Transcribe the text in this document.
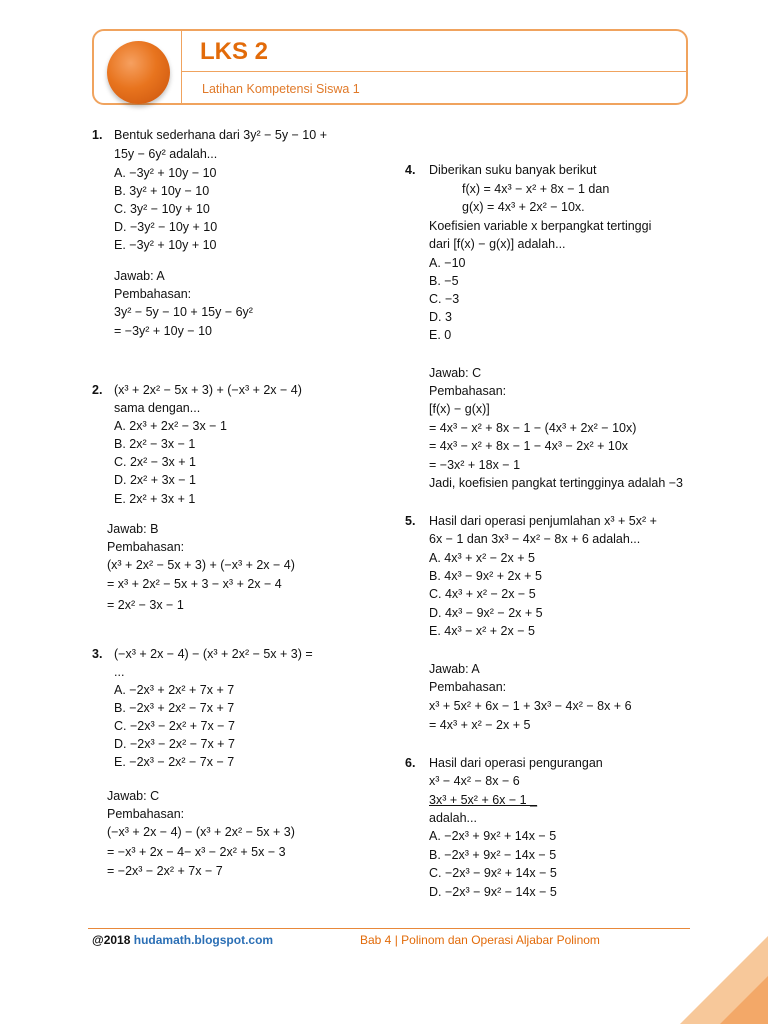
LKS 2
Latihan Kompetensi Siswa 1
1. Bentuk sederhana dari 3y² − 5y − 10 +
15y − 6y² adalah...
A. −3y² + 10y − 10
B. 3y² + 10y − 10
C. 3y² − 10y + 10
D. −3y² − 10y + 10
E. −3y² + 10y + 10
Jawab: A
Pembahasan:
3y² − 5y − 10 + 15y − 6y²
= −3y² + 10y − 10
2. (x³ + 2x² − 5x + 3) + (−x³ + 2x − 4)
sama dengan...
A. 2x³ + 2x² − 3x − 1
B. 2x² − 3x − 1
C. 2x² − 3x + 1
D. 2x² + 3x − 1
E. 2x² + 3x + 1
Jawab: B
Pembahasan:
(x³ + 2x² − 5x + 3) + (−x³ + 2x − 4)
= x³ + 2x² − 5x + 3 − x³ + 2x − 4
= 2x² − 3x − 1
3. (−x³ + 2x − 4) − (x³ + 2x² − 5x + 3) =
...
A. −2x³ + 2x² + 7x + 7
B. −2x³ + 2x² − 7x + 7
C. −2x³ − 2x² + 7x − 7
D. −2x³ − 2x² − 7x + 7
E. −2x³ − 2x² − 7x − 7
Jawab: C
Pembahasan:
(−x³ + 2x − 4) − (x³ + 2x² − 5x + 3)
= −x³ + 2x − 4− x³ − 2x² + 5x − 3
= −2x³ − 2x² + 7x − 7
4. Diberikan suku banyak berikut
f(x) = 4x³ − x² + 8x − 1 dan
g(x) = 4x³ + 2x² − 10x.
Koefisien variable x berpangkat tertinggi
dari [f(x) − g(x)] adalah...
A. −10
B. −5
C. −3
D. 3
E. 0
Jawab: C
Pembahasan:
[f(x) − g(x)]
= 4x³ − x² + 8x − 1 − (4x³ + 2x² − 10x)
= 4x³ − x² + 8x − 1 − 4x³ − 2x² + 10x
= −3x² + 18x − 1
Jadi, koefisien pangkat tertingginya adalah −3
5. Hasil dari operasi penjumlahan x³ + 5x² +
6x − 1 dan 3x³ − 4x² − 8x + 6 adalah...
A. 4x³ + x² − 2x + 5
B. 4x³ − 9x² + 2x + 5
C. 4x³ + x² − 2x − 5
D. 4x³ − 9x² − 2x + 5
E. 4x³ − x² + 2x − 5
Jawab: A
Pembahasan:
x³ + 5x² + 6x − 1 + 3x³ − 4x² − 8x + 6
= 4x³ + x² − 2x + 5
6. Hasil dari operasi pengurangan
x³ − 4x² − 8x − 6
3x³ + 5x² + 6x − 1 _
adalah...
A. −2x³ + 9x² + 14x − 5
B. −2x³ + 9x² − 14x − 5
C. −2x³ − 9x² + 14x − 5
D. −2x³ − 9x² − 14x − 5
@2018 hudamath.blogspot.com	Bab 4 | Polinom dan Operasi Aljabar Polinom
